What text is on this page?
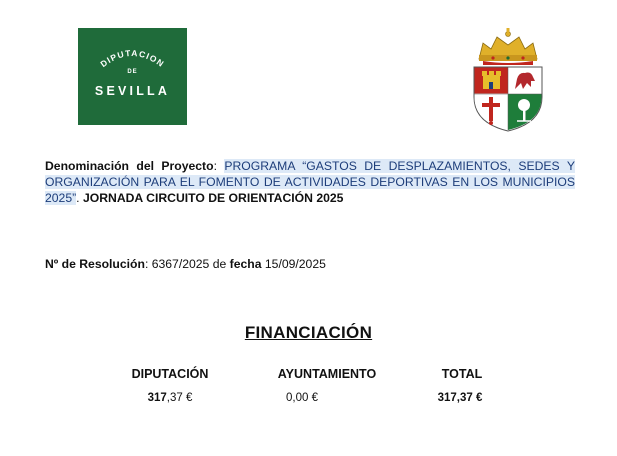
DIPUTACION
DE
SEVILLA
Denominación del Proyecto: PROGRAMA “GASTOS DE DESPLAZAMIENTOS, SEDES Y ORGANIZACIÓN PARA EL FOMENTO DE ACTIVIDADES DEPORTIVAS EN LOS MUNICIPIOS 2025”. JORNADA CIRCUITO DE ORIENTACIÓN 2025
Nº de Resolución: 6367/2025 de fecha 15/09/2025
FINANCIACIÓN
DIPUTACIÓN	AYUNTAMIENTO	TOTAL
317,37 €	0,00 €	317,37 €
